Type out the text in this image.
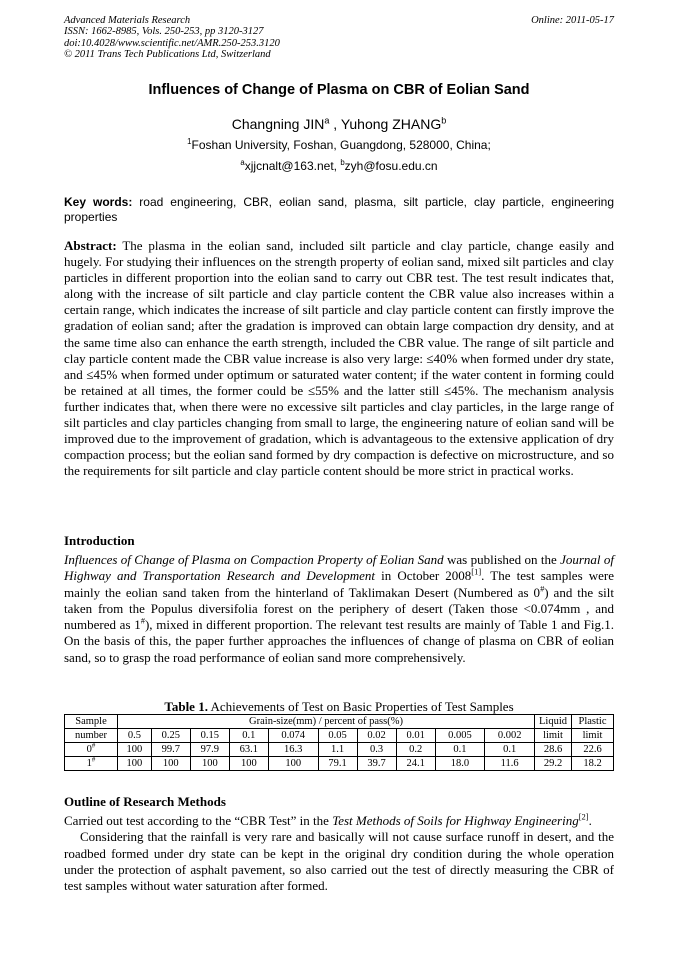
Advanced Materials Research
ISSN: 1662-8985, Vols. 250-253, pp 3120-3127
doi:10.4028/www.scientific.net/AMR.250-253.3120
© 2011 Trans Tech Publications Ltd, Switzerland
Online: 2011-05-17
Influences of Change of Plasma on CBR of Eolian Sand
Changning JIN$^a$ , Yuhong ZHANG$^b$
$^1$Foshan University, Foshan, Guangdong, 528000, China;
$^a$xjjcnalt@163.net, $^b$zyh@fosu.edu.cn
Key words: road engineering, CBR, eolian sand, plasma, silt particle, clay particle, engineering properties
Abstract: The plasma in the eolian sand, included silt particle and clay particle, change easily and hugely. For studying their influences on the strength property of eolian sand, mixed silt particles and clay particles in different proportion into the eolian sand to carry out CBR test. The test result indicates that, along with the increase of silt particle and clay particle content the CBR value also increases within a certain range, which indicates the increase of silt particle and clay particle content can firstly improve the gradation of eolian sand; after the gradation is improved can obtain large compaction dry density, and at the same time also can enhance the earth strength, included the CBR value. The range of silt particle and clay particle content made the CBR value increase is also very large: ≤40% when formed under dry state, and ≤45% when formed under optimum or saturated water content; if the water content in forming could be retained at all times, the former could be ≤55% and the latter still ≤45%. The mechanism analysis further indicates that, when there were no excessive silt particles and clay particles, in the large range of silt particles and clay particles changing from small to large, the engineering nature of eolian sand will be improved due to the improvement of gradation, which is advantageous to the extensive application of dry compaction process; but the eolian sand formed by dry compaction is defective on microstructure, and so the requirements for silt particle and clay particle content should be more strict in practical works.
Introduction
Influences of Change of Plasma on Compaction Property of Eolian Sand was published on the Journal of Highway and Transportation Research and Development in October 2008[1]. The test samples were mainly the eolian sand taken from the hinterland of Taklimakan Desert (Numbered as 0#) and the silt taken from the Populus diversifolia forest on the periphery of desert (Taken those <0.074mm , and numbered as 1#), mixed in different proportion. The relevant test results are mainly of Table 1 and Fig.1. On the basis of this, the paper further approaches the influences of change of plasma on CBR of eolian sand, so to grasp the road performance of eolian sand more comprehensively.
Table 1. Achievements of Test on Basic Properties of Test Samples
Sample	Grain-size(mm) / percent of pass(%)										Liquid	Plastic
number	0.5	0.25	0.15	0.1	0.074	0.05	0.02	0.01	0.005	0.002	limit	limit
0#	100	99.7	97.9	63.1	16.3	1.1	0.3	0.2	0.1	0.1	28.6	22.6
1#	100	100	100	100	100	79.1	39.7	24.1	18.0	11.6	29.2	18.2
Outline of Research Methods
Carried out test according to the “CBR Test” in the Test Methods of Soils for Highway Engineering[2].
Considering that the rainfall is very rare and basically will not cause surface runoff in desert, and the roadbed formed under dry state can be kept in the original dry condition during the whole operation under the protection of asphalt pavement, so also carried out the test of directly measuring the CBR of test samples without water saturation after formed.
